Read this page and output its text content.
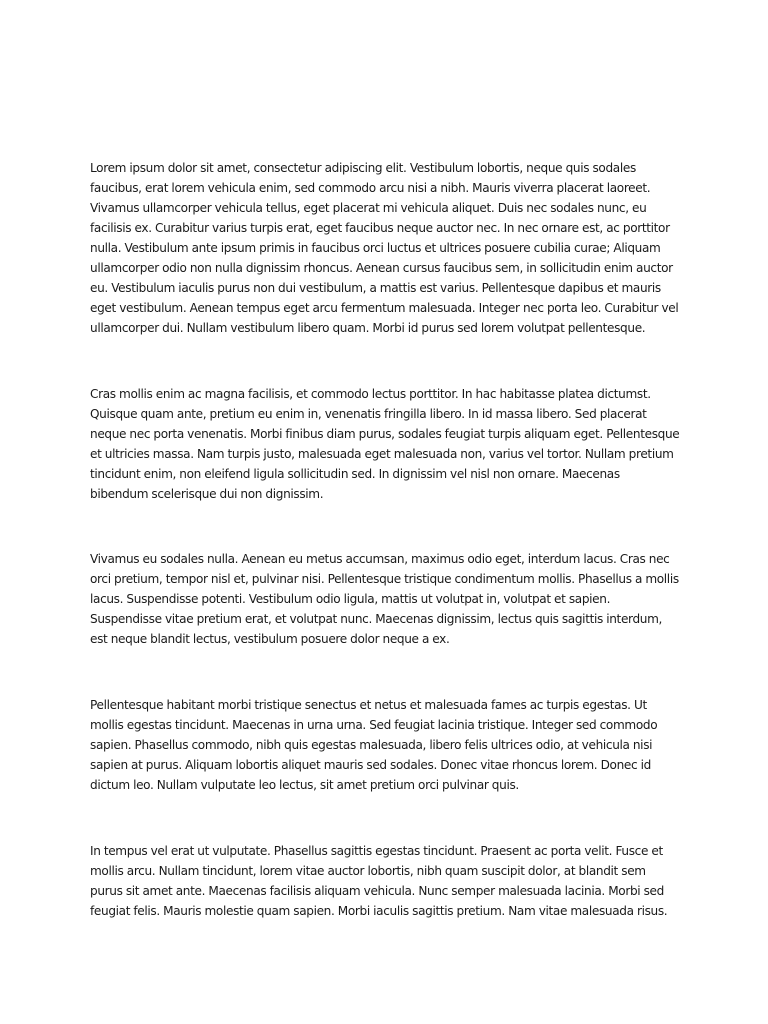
Lorem ipsum dolor sit amet, consectetur adipiscing elit. Vestibulum lobortis, neque quis sodales faucibus, erat lorem vehicula enim, sed commodo arcu nisi a nibh. Mauris viverra placerat laoreet. Vivamus ullamcorper vehicula tellus, eget placerat mi vehicula aliquet. Duis nec sodales nunc, eu facilisis ex. Curabitur varius turpis erat, eget faucibus neque auctor nec. In nec ornare est, ac porttitor nulla. Vestibulum ante ipsum primis in faucibus orci luctus et ultrices posuere cubilia curae; Aliquam ullamcorper odio non nulla dignissim rhoncus. Aenean cursus faucibus sem, in sollicitudin enim auctor eu. Vestibulum iaculis purus non dui vestibulum, a mattis est varius. Pellentesque dapibus et mauris eget vestibulum. Aenean tempus eget arcu fermentum malesuada. Integer nec porta leo. Curabitur vel ullamcorper dui. Nullam vestibulum libero quam. Morbi id purus sed lorem volutpat pellentesque.

Cras mollis enim ac magna facilisis, et commodo lectus porttitor. In hac habitasse platea dictumst. Quisque quam ante, pretium eu enim in, venenatis fringilla libero. In id massa libero. Sed placerat neque nec porta venenatis. Morbi finibus diam purus, sodales feugiat turpis aliquam eget. Pellentesque et ultricies massa. Nam turpis justo, malesuada eget malesuada non, varius vel tortor. Nullam pretium tincidunt enim, non eleifend ligula sollicitudin sed. In dignissim vel nisl non ornare. Maecenas bibendum scelerisque dui non dignissim.

Vivamus eu sodales nulla. Aenean eu metus accumsan, maximus odio eget, interdum lacus. Cras nec orci pretium, tempor nisl et, pulvinar nisi. Pellentesque tristique condimentum mollis. Phasellus a mollis lacus. Suspendisse potenti. Vestibulum odio ligula, mattis ut volutpat in, volutpat et sapien. Suspendisse vitae pretium erat, et volutpat nunc. Maecenas dignissim, lectus quis sagittis interdum, est neque blandit lectus, vestibulum posuere dolor neque a ex.

Pellentesque habitant morbi tristique senectus et netus et malesuada fames ac turpis egestas. Ut mollis egestas tincidunt. Maecenas in urna urna. Sed feugiat lacinia tristique. Integer sed commodo sapien. Phasellus commodo, nibh quis egestas malesuada, libero felis ultrices odio, at vehicula nisi sapien at purus. Aliquam lobortis aliquet mauris sed sodales. Donec vitae rhoncus lorem. Donec id dictum leo. Nullam vulputate leo lectus, sit amet pretium orci pulvinar quis.

In tempus vel erat ut vulputate. Phasellus sagittis egestas tincidunt. Praesent ac porta velit. Fusce et mollis arcu. Nullam tincidunt, lorem vitae auctor lobortis, nibh quam suscipit dolor, at blandit sem purus sit amet ante. Maecenas facilisis aliquam vehicula. Nunc semper malesuada lacinia. Morbi sed feugiat felis. Mauris molestie quam sapien. Morbi iaculis sagittis pretium. Nam vitae malesuada risus.
